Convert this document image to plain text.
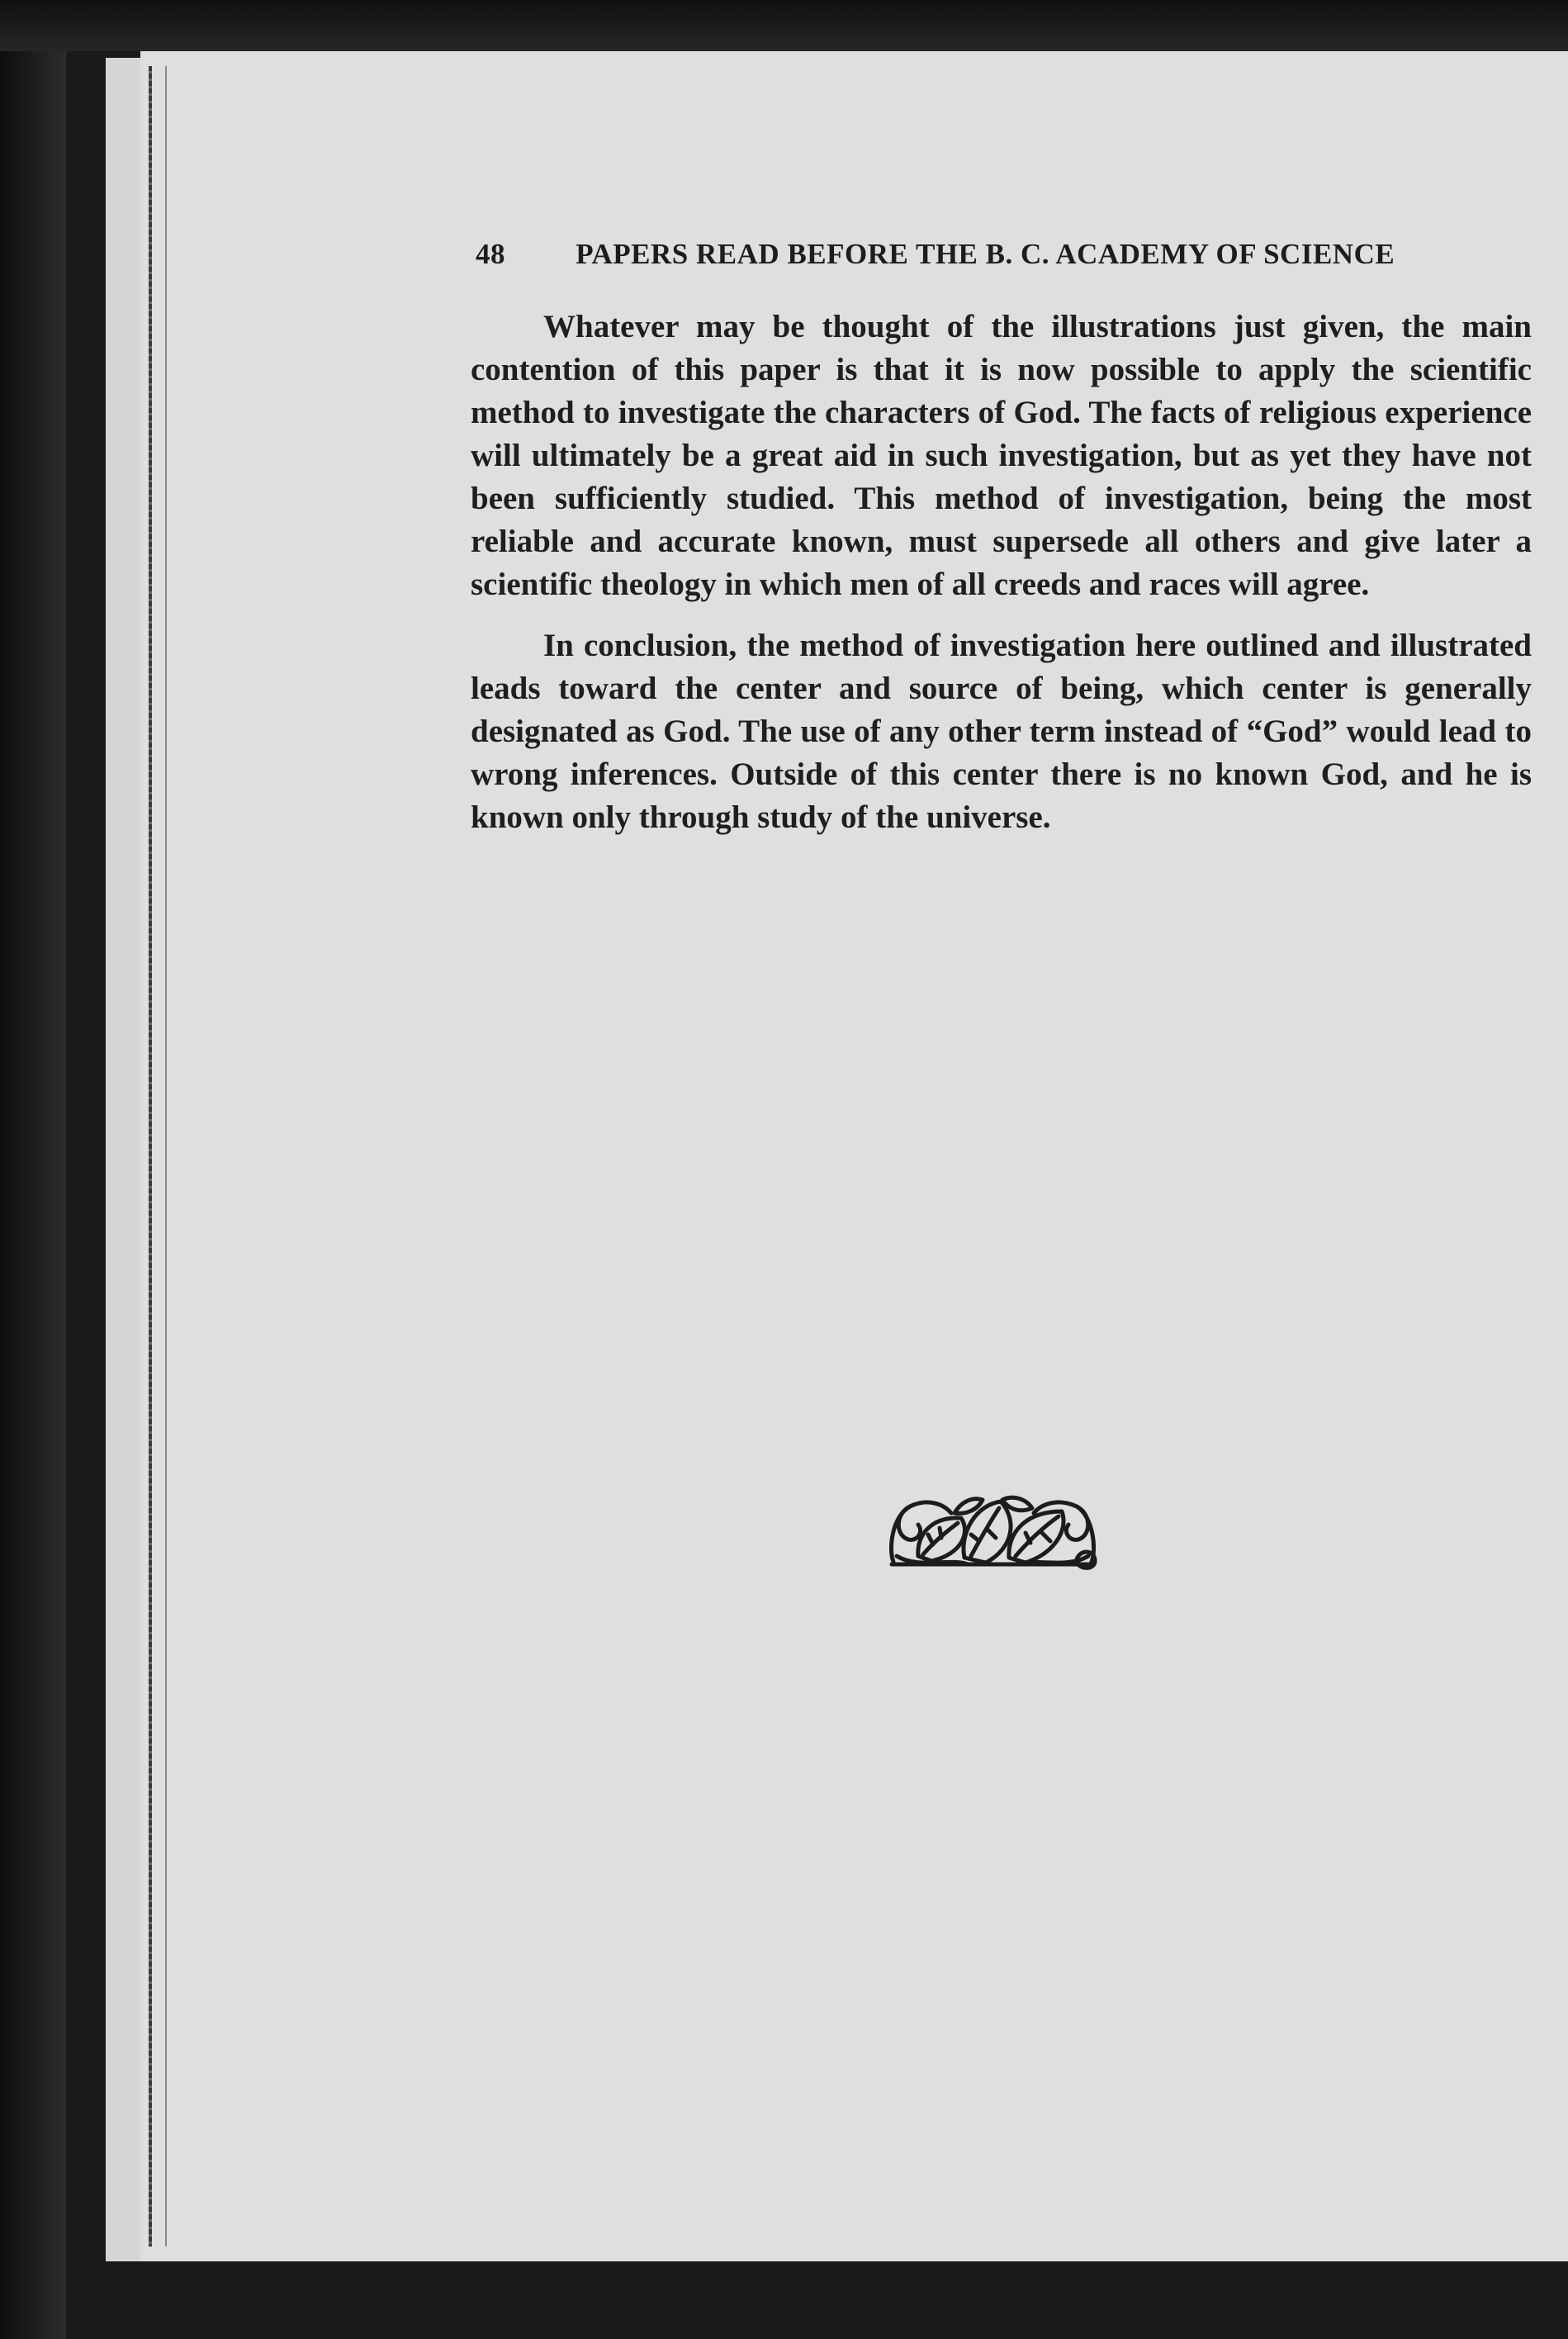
48 PAPERS READ BEFORE THE B. C. ACADEMY OF SCIENCE

Whatever may be thought of the illustrations just given, the main contention of this paper is that it is now possible to apply the scientific method to investigate the characters of God. The facts of religious experience will ultimately be a great aid in such investigation, but as yet they have not been sufficiently studied. This method of investigation, being the most reliable and accurate known, must supersede all others and give later a scientific theology in which men of all creeds and races will agree.

In conclusion, the method of investigation here outlined and illustrated leads toward the center and source of being, which center is generally designated as God. The use of any other term instead of “God” would lead to wrong inferences. Outside of this center there is no known God, and he is known only through study of the universe.
